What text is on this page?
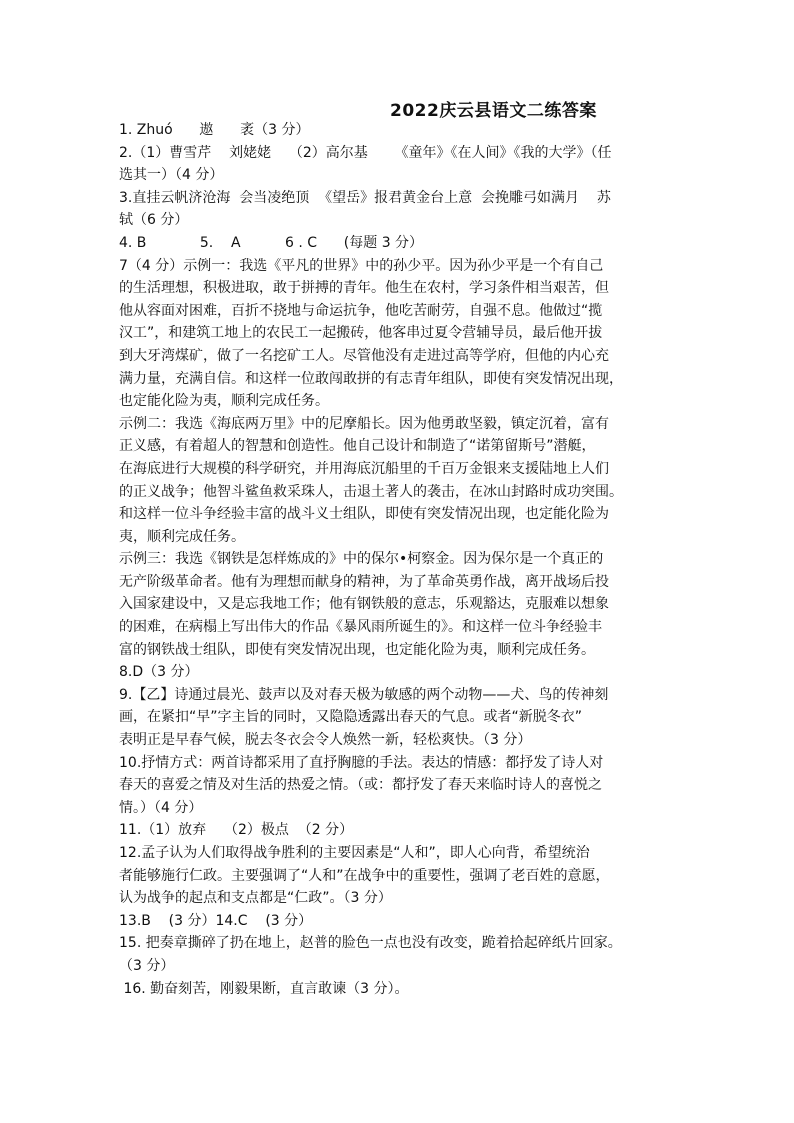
2022庆云县语文二练答案
1. Zhuó      遨      袤（3 分）
2.（1）曹雪芹    刘姥姥    （2）高尔基      《童年》《在人间》《我的大学》（任
选其一）（4 分）
3.直挂云帆济沧海  会当凌绝顶  《望岳》报君黄金台上意  会挽雕弓如满月    苏
轼（6 分）
4. B            5.    A          6 . C      (每题 3 分）
7（4 分）示例一：我选《平凡的世界》中的孙少平。因为孙少平是一个有自己
的生活理想，积极进取，敢于拼搏的青年。他生在农村，学习条件相当艰苦，但
他从容面对困难，百折不挠地与命运抗争，他吃苦耐劳，自强不息。他做过“揽
汉工”，和建筑工地上的农民工一起搬砖，他客串过夏令营辅导员，最后他开拔
到大牙湾煤矿，做了一名挖矿工人。尽管他没有走进过高等学府，但他的内心充
满力量，充满自信。和这样一位敢闯敢拼的有志青年组队，即使有突发情况出现，
也定能化险为夷，顺利完成任务。
示例二：我选《海底两万里》中的尼摩船长。因为他勇敢坚毅，镇定沉着，富有
正义感，有着超人的智慧和创造性。他自己设计和制造了“诺第留斯号”潜艇，
在海底进行大规模的科学研究，并用海底沉船里的千百万金银来支援陆地上人们
的正义战争；他智斗鲨鱼救采珠人，击退土著人的袭击，在冰山封路时成功突围。
和这样一位斗争经验丰富的战斗义士组队，即使有突发情况出现，也定能化险为
夷，顺利完成任务。
示例三：我选《钢铁是怎样炼成的》中的保尔•柯察金。因为保尔是一个真正的
无产阶级革命者。他有为理想而献身的精神，为了革命英勇作战，离开战场后投
入国家建设中，又是忘我地工作；他有钢铁般的意志，乐观豁达，克服难以想象
的困难，在病榻上写出伟大的作品《暴风雨所诞生的》。和这样一位斗争经验丰
富的钢铁战士组队，即使有突发情况出现，也定能化险为夷，顺利完成任务。
8.D（3 分）
9.【乙】诗通过晨光、鼓声以及对春天极为敏感的两个动物——犬、鸟的传神刻
画，在紧扣“早”字主旨的同时，又隐隐透露出春天的气息。或者“新脱冬衣”
表明正是早春气候，脱去冬衣会令人焕然一新，轻松爽快。（3 分）
10.抒情方式：两首诗都采用了直抒胸臆的手法。表达的情感：都抒发了诗人对
春天的喜爱之情及对生活的热爱之情。（或：都抒发了春天来临时诗人的喜悦之
情。）（4 分）
11.（1）放弃    （2）极点  （2 分）
12.孟子认为人们取得战争胜利的主要因素是“人和”，即人心向背，希望统治
者能够施行仁政。主要强调了“人和”在战争中的重要性，强调了老百姓的意愿，
认为战争的起点和支点都是“仁政”。（3 分）
13.B    (3 分）14.C    (3 分）
15. 把奏章撕碎了扔在地上，赵普的脸色一点也没有改变，跪着拾起碎纸片回家。
（3 分）
16. 勤奋刻苦，刚毅果断，直言敢谏（3 分）。
